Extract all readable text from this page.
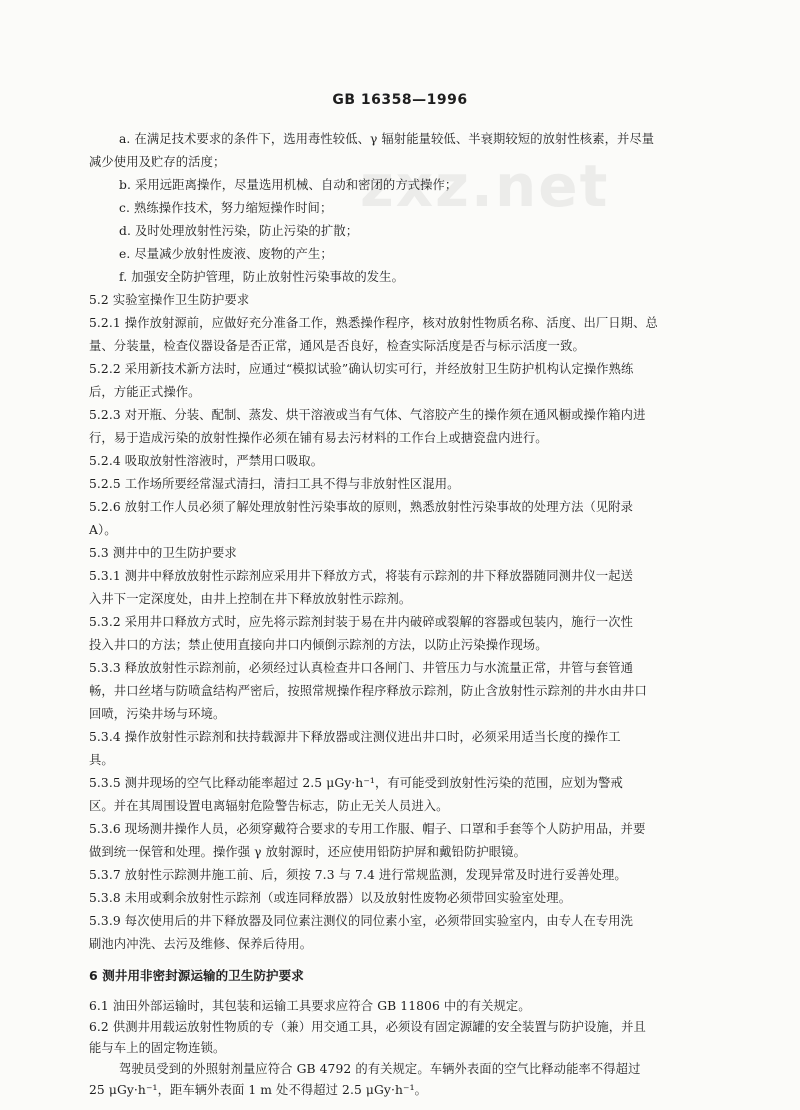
GB 16358—1996
zxz.net
a. 在满足技术要求的条件下，选用毒性较低、γ 辐射能量较低、半衰期较短的放射性核素，并尽量
减少使用及贮存的活度；
b. 采用远距离操作，尽量选用机械、自动和密闭的方式操作；
c. 熟练操作技术，努力缩短操作时间；
d. 及时处理放射性污染，防止污染的扩散；
e. 尽量减少放射性废液、废物的产生；
f. 加强安全防护管理，防止放射性污染事故的发生。
5.2 实验室操作卫生防护要求
5.2.1 操作放射源前，应做好充分准备工作，熟悉操作程序，核对放射性物质名称、活度、出厂日期、总
量、分装量，检查仪器设备是否正常，通风是否良好，检查实际活度是否与标示活度一致。
5.2.2 采用新技术新方法时，应通过“模拟试验”确认切实可行，并经放射卫生防护机构认定操作熟练
后，方能正式操作。
5.2.3 对开瓶、分装、配制、蒸发、烘干溶液或当有气体、气溶胶产生的操作须在通风橱或操作箱内进
行，易于造成污染的放射性操作必须在铺有易去污材料的工作台上或搪瓷盘内进行。
5.2.4 吸取放射性溶液时，严禁用口吸取。
5.2.5 工作场所要经常湿式清扫，清扫工具不得与非放射性区混用。
5.2.6 放射工作人员必须了解处理放射性污染事故的原则，熟悉放射性污染事故的处理方法（见附录
A）。
5.3 测井中的卫生防护要求
5.3.1 测井中释放放射性示踪剂应采用井下释放方式，将装有示踪剂的井下释放器随同测井仪一起送
入井下一定深度处，由井上控制在井下释放放射性示踪剂。
5.3.2 采用井口释放方式时，应先将示踪剂封装于易在井内破碎或裂解的容器或包装内，施行一次性
投入井口的方法；禁止使用直接向井口内倾倒示踪剂的方法，以防止污染操作现场。
5.3.3 释放放射性示踪剂前，必须经过认真检查井口各闸门、井管压力与水流量正常，井管与套管通
畅，井口丝堵与防喷盒结构严密后，按照常规操作程序释放示踪剂，防止含放射性示踪剂的井水由井口
回喷，污染井场与环境。
5.3.4 操作放射性示踪剂和扶持载源井下释放器或注测仪进出井口时，必须采用适当长度的操作工
具。
5.3.5 测井现场的空气比释动能率超过 2.5 μGy·h⁻¹，有可能受到放射性污染的范围，应划为警戒
区。并在其周围设置电离辐射危险警告标志，防止无关人员进入。
5.3.6 现场测井操作人员，必须穿戴符合要求的专用工作服、帽子、口罩和手套等个人防护用品，并要
做到统一保管和处理。操作强 γ 放射源时，还应使用铅防护屏和戴铅防护眼镜。
5.3.7 放射性示踪测井施工前、后，须按 7.3 与 7.4 进行常规监测，发现异常及时进行妥善处理。
5.3.8 未用或剩余放射性示踪剂（或连同释放器）以及放射性废物必须带回实验室处理。
5.3.9 每次使用后的井下释放器及同位素注测仪的同位素小室，必须带回实验室内，由专人在专用洗
刷池内冲洗、去污及维修、保养后待用。
6 测井用非密封源运输的卫生防护要求
6.1 油田外部运输时，其包装和运输工具要求应符合 GB 11806 中的有关规定。
6.2 供测井用载运放射性物质的专（兼）用交通工具，必须设有固定源罐的安全装置与防护设施，并且
能与车上的固定物连锁。
驾驶员受到的外照射剂量应符合 GB 4792 的有关规定。车辆外表面的空气比释动能率不得超过
25 μGy·h⁻¹，距车辆外表面 1 m 处不得超过 2.5 μGy·h⁻¹。
